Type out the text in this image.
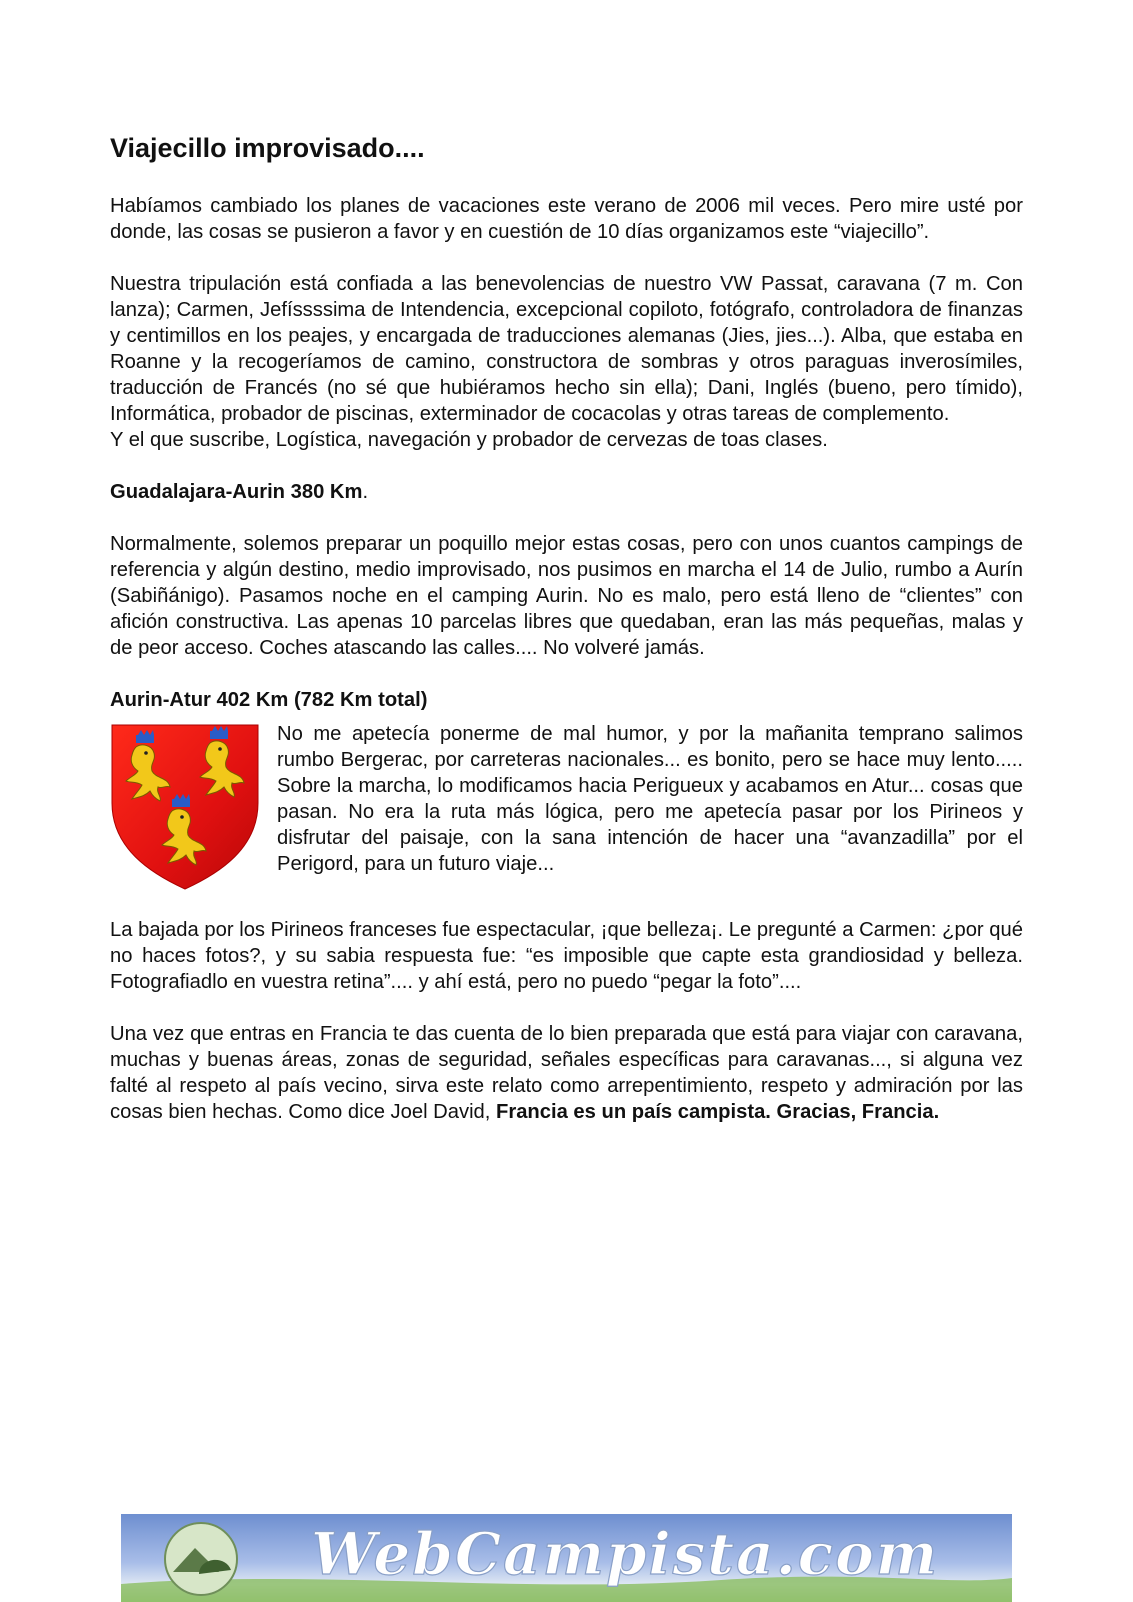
Viajecillo improvisado....

Habíamos cambiado los planes de vacaciones este verano de 2006 mil veces. Pero mire usté por donde, las cosas se pusieron a favor y en cuestión de 10 días organizamos este “viajecillo”.

Nuestra tripulación está confiada a las benevolencias de nuestro VW Passat, caravana (7 m. Con lanza); Carmen, Jefíssssima de Intendencia, excepcional copiloto, fotógrafo, controladora de finanzas y centimillos en los peajes, y encargada de traducciones alemanas (Jies, jies...). Alba, que estaba en Roanne y la recogeríamos de camino, constructora de sombras y otros paraguas inverosímiles, traducción de Francés (no sé que hubiéramos hecho sin ella); Dani, Inglés (bueno, pero tímido), Informática, probador de piscinas, exterminador de cocacolas y otras tareas de complemento.

Y el que suscribe, Logística, navegación y probador de cervezas de toas clases.

Guadalajara-Aurin 380 Km.

Normalmente, solemos preparar un poquillo mejor estas cosas, pero con unos cuantos campings de referencia y algún destino, medio improvisado, nos pusimos en marcha el 14 de Julio, rumbo a Aurín (Sabiñánigo). Pasamos noche en el camping Aurin. No es malo, pero está lleno de “clientes” con afición constructiva. Las apenas 10 parcelas libres que quedaban, eran las más pequeñas, malas y de peor acceso. Coches atascando las calles.... No volveré jamás.

Aurin-Atur 402 Km (782 Km total)

No me apetecía ponerme de mal humor, y por la mañanita temprano salimos rumbo Bergerac, por carreteras nacionales... es bonito, pero se hace muy lento..... Sobre la marcha, lo modificamos hacia Perigueux y acabamos en Atur... cosas que pasan. No era la ruta más lógica, pero me apetecía pasar por los Pirineos y disfrutar del paisaje, con la sana intención de hacer una “avanzadilla” por el Perigord, para un futuro viaje...

La bajada por los Pirineos franceses fue espectacular, ¡que belleza¡. Le pregunté a Carmen: ¿por qué no haces fotos?, y su sabia respuesta fue: “es imposible que capte esta grandiosidad y belleza. Fotografiadlo en vuestra retina”.... y ahí está, pero no puedo “pegar la foto”....

Una vez que entras en Francia te das cuenta de lo bien preparada que está para viajar con caravana, muchas y buenas áreas, zonas de seguridad, señales específicas para caravanas..., si alguna vez falté al respeto al país vecino, sirva este relato como arrepentimiento, respeto y admiración por las cosas bien hechas. Como dice Joel David, Francia es un país campista. Gracias, Francia.

WebCampista.com
